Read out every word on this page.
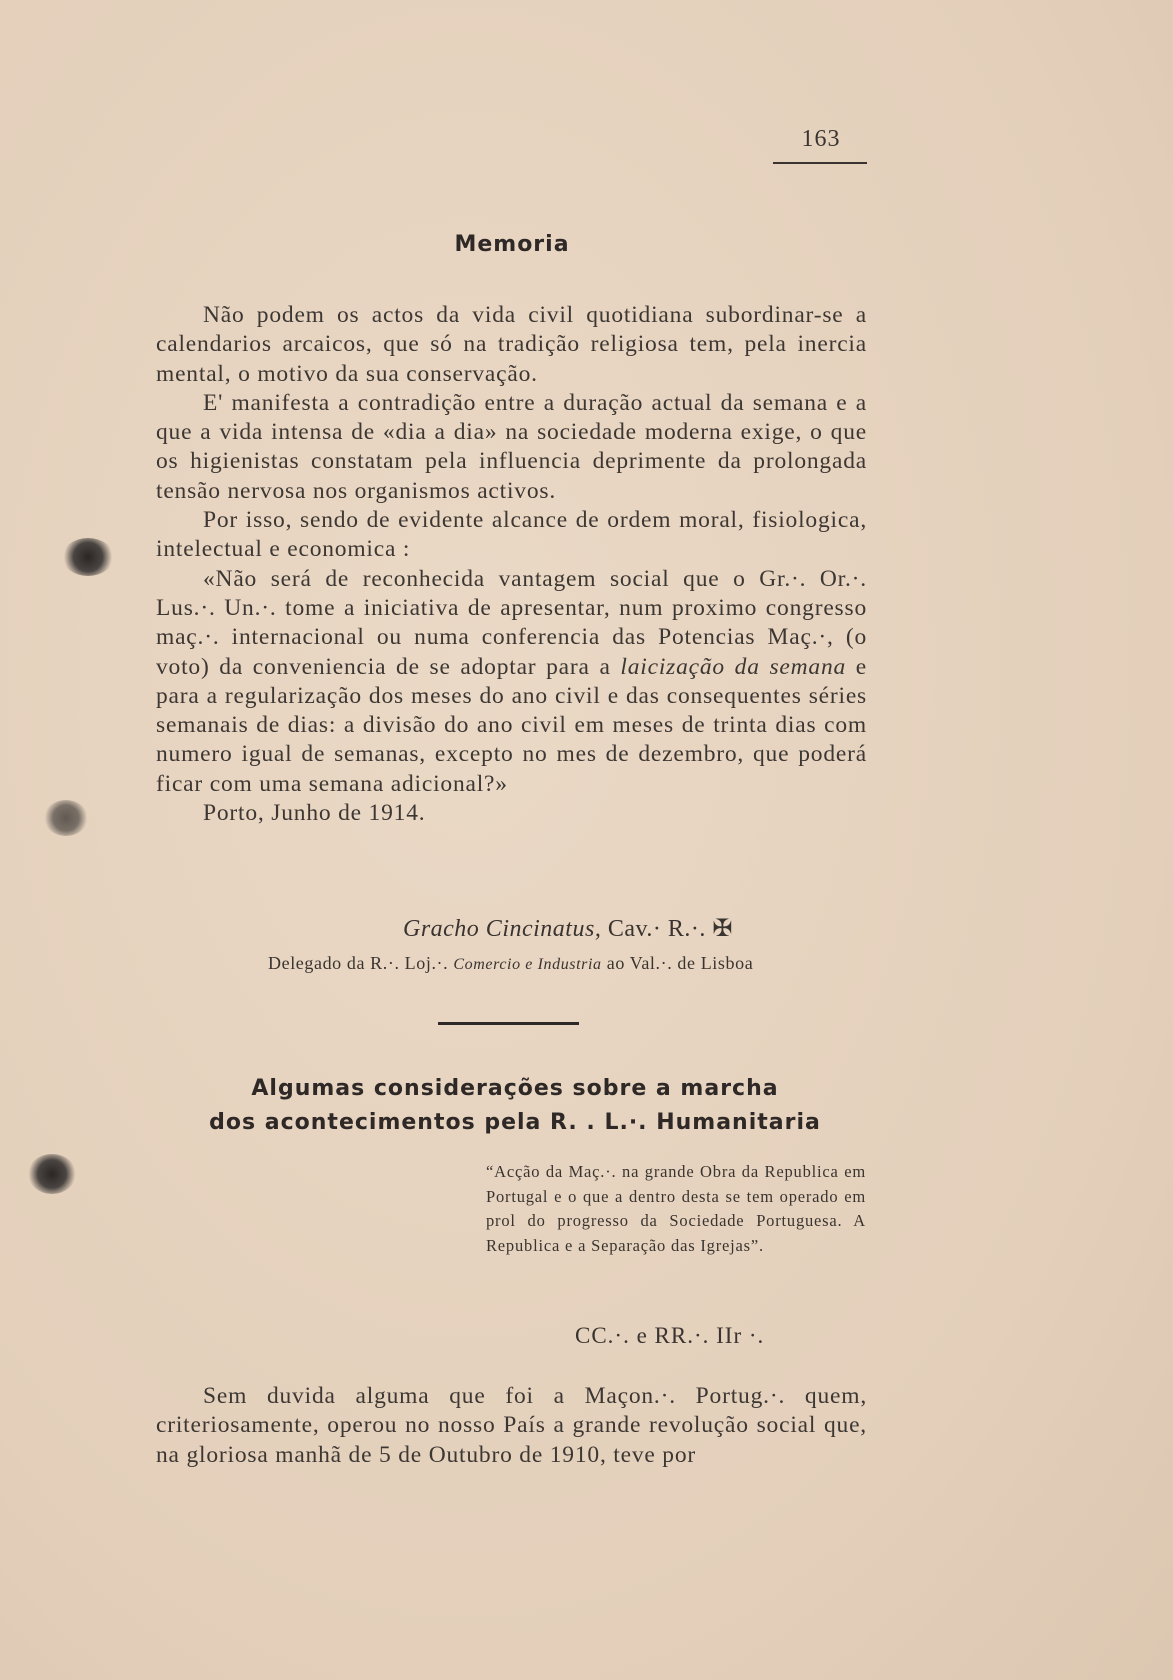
163
Memoria

Não podem os actos da vida civil quotidiana subordinar-se a calendarios arcaicos, que só na tradição religiosa tem, pela inercia mental, o motivo da sua conservação.

E' manifesta a contradição entre a duração actual da semana e a que a vida intensa de «dia a dia» na sociedade moderna exige, o que os higienistas constatam pela influencia deprimente da prolongada tensão nervosa nos organismos activos.

Por isso, sendo de evidente alcance de ordem moral, fisiologica, intelectual e economica :

«Não será de reconhecida vantagem social que o Gr.·. Or.·. Lus.·. Un.·. tome a iniciativa de apresentar, num proximo congresso maç.·. internacional ou numa conferencia das Potencias Maç.·, (o voto) da conveniencia de se adoptar para a laicização da semana e para a regularização dos meses do ano civil e das consequentes séries semanais de dias: a divisão do ano civil em meses de trinta dias com numero igual de semanas, excepto no mes de dezembro, que poderá ficar com uma semana adicional?»

Porto, Junho de 1914.

Gracho Cincinatus, Cav.· R.·. ✠
Delegado da R.·. Loj.·. Comercio e Industria ao Val.·. de Lisboa
Algumas considerações sobre a marcha
dos acontecimentos pela R. . L.·. Humanitaria

“Acção da Maç.·. na grande Obra da Republica em Portugal e o que a dentro desta se tem operado em prol do progresso da Sociedade Portuguesa. A Republica e a Separação das Igrejas”.

CC.·. e RR.·. IIr ·.

Sem duvida alguma que foi a Maçon.·. Portug.·. quem, criteriosamente, operou no nosso País a grande revolução social que, na gloriosa manhã de 5 de Outubro de 1910, teve por
